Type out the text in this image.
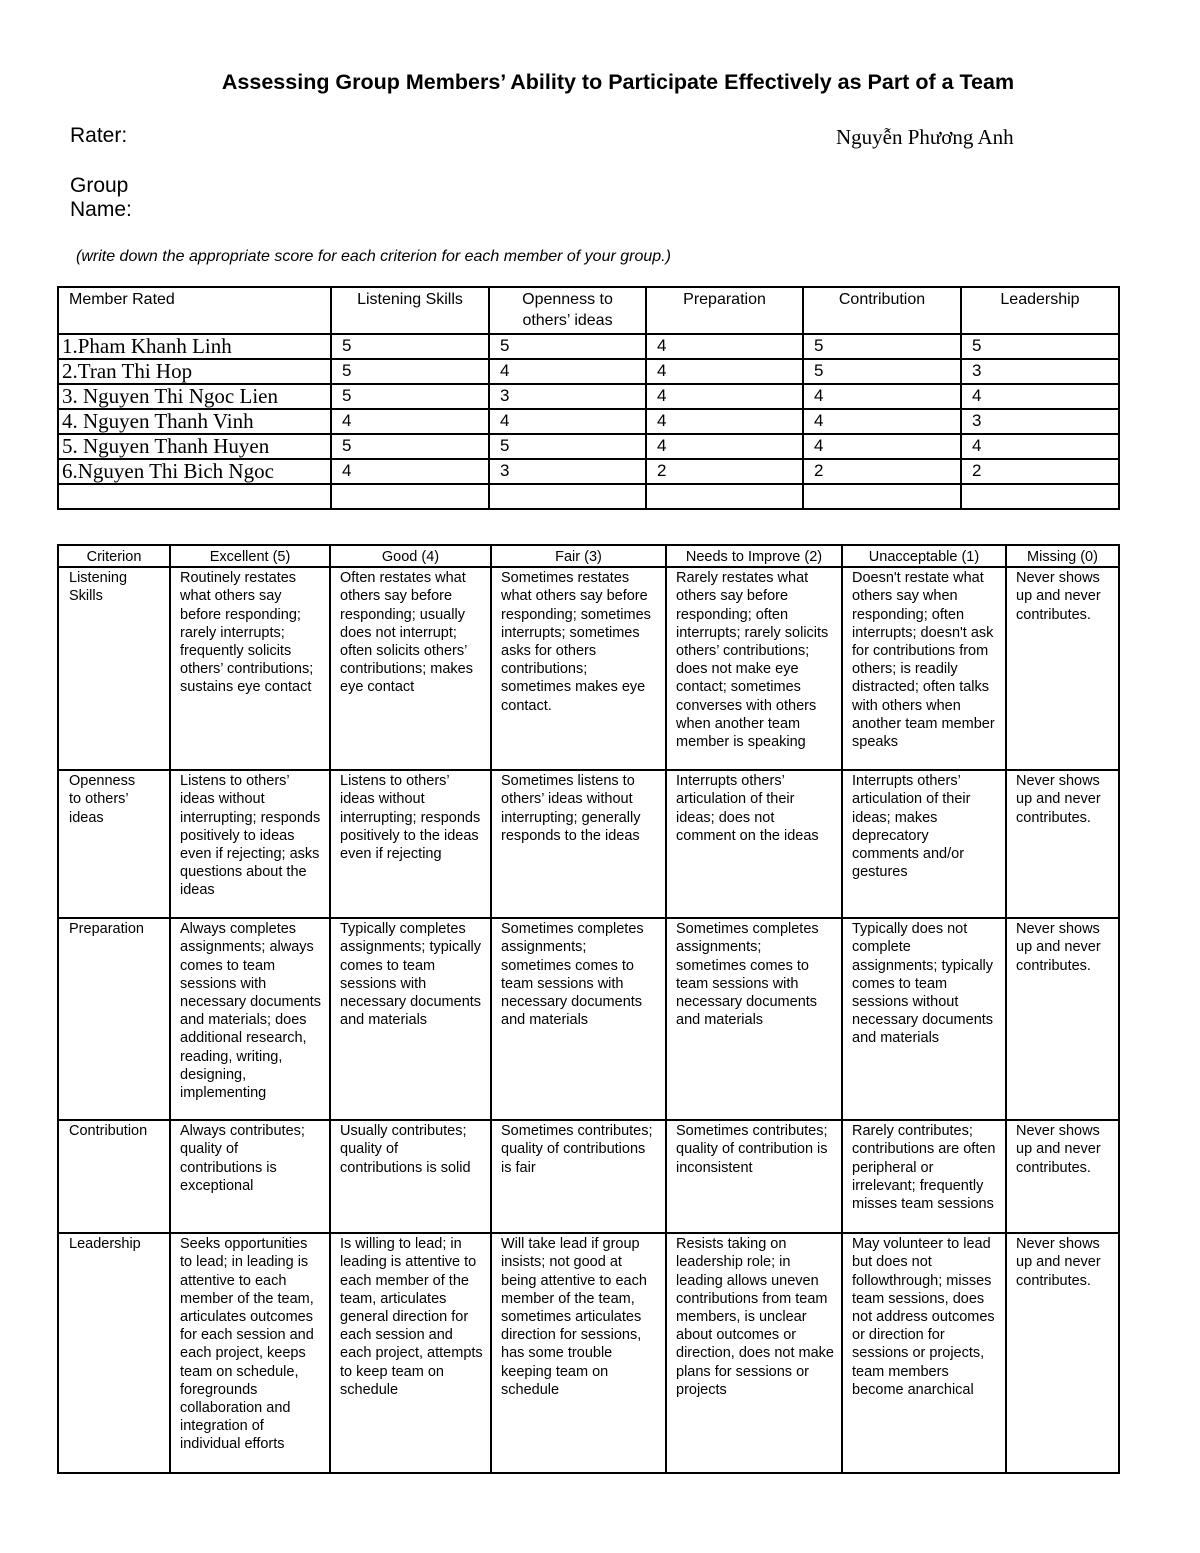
Assessing Group Members’ Ability to Participate Effectively as Part of a Team
Rater:	Nguyễn Phương Anh
Group
Name:
(write down the appropriate score for each criterion for each member of your group.)
Member Rated	Listening Skills	Openness to others’ ideas	Preparation	Contribution	Leadership
1.Pham Khanh Linh	5	5	4	5	5
2.Tran Thi Hop	5	4	4	5	3
3. Nguyen Thi Ngoc Lien	5	3	4	4	4
4. Nguyen Thanh Vinh	4	4	4	4	3
5. Nguyen Thanh Huyen	5	5	4	4	4
6.Nguyen Thi Bich Ngoc	4	3	2	2	2

Criterion	Excellent (5)	Good (4)	Fair (3)	Needs to Improve (2)	Unacceptable (1)	Missing (0)

Listening Skills	Routinely restates what others say before responding; rarely interrupts; frequently solicits others’ contributions; sustains eye contact	Often restates what others say before responding; usually does not interrupt; often solicits others’ contributions; makes eye contact	Sometimes restates what others say before responding; sometimes interrupts; sometimes asks for others contributions; sometimes makes eye contact.	Rarely restates what others say before responding; often interrupts; rarely solicits others’ contributions; does not make eye contact; sometimes converses with others when another team member is speaking	Doesn't restate what others say when responding; often interrupts; doesn't ask for contributions from others; is readily distracted; often talks with others when another team member speaks	Never shows up and never contributes.

Openness to others’ ideas	Listens to others’ ideas without interrupting; responds positively to ideas even if rejecting; asks questions about the ideas	Listens to others’ ideas without interrupting; responds positively to the ideas even if rejecting	Sometimes listens to others’ ideas without interrupting; generally responds to the ideas	Interrupts others’ articulation of their ideas; does not comment on the ideas	Interrupts others’ articulation of their ideas; makes deprecatory comments and/or gestures	Never shows up and never contributes.
Preparation	Always completes assignments; always comes to team sessions with necessary documents and materials; does additional research, reading, writing, designing, implementing	Typically completes assignments; typically comes to team sessions with necessary documents and materials	Sometimes completes assignments; sometimes comes to team sessions with necessary documents and materials	Sometimes completes assignments; sometimes comes to team sessions with necessary documents and materials	Typically does not complete assignments; typically comes to team sessions without necessary documents and materials	Never shows up and never contributes.
Contribution	Always contributes; quality of contributions is exceptional	Usually contributes; quality of contributions is solid	Sometimes contributes; quality of contributions is fair	Sometimes contributes; quality of contribution is inconsistent	Rarely contributes; contributions are often peripheral or irrelevant; frequently misses team sessions	Never shows up and never contributes.
Leadership	Seeks opportunities to lead; in leading is attentive to each member of the team, articulates outcomes for each session and each project, keeps team on schedule, foregrounds collaboration and integration of individual efforts	Is willing to lead; in leading is attentive to each member of the team, articulates general direction for each session and each project, attempts to keep team on schedule	Will take lead if group insists; not good at being attentive to each member of the team, sometimes articulates direction for sessions, has some trouble keeping team on schedule	Resists taking on leadership role; in leading allows uneven contributions from team members, is unclear about outcomes or direction, does not make plans for sessions or projects	May volunteer to lead but does not followthrough; misses team sessions, does not address outcomes or direction for sessions or projects, team members become anarchical	Never shows up and never contributes.
